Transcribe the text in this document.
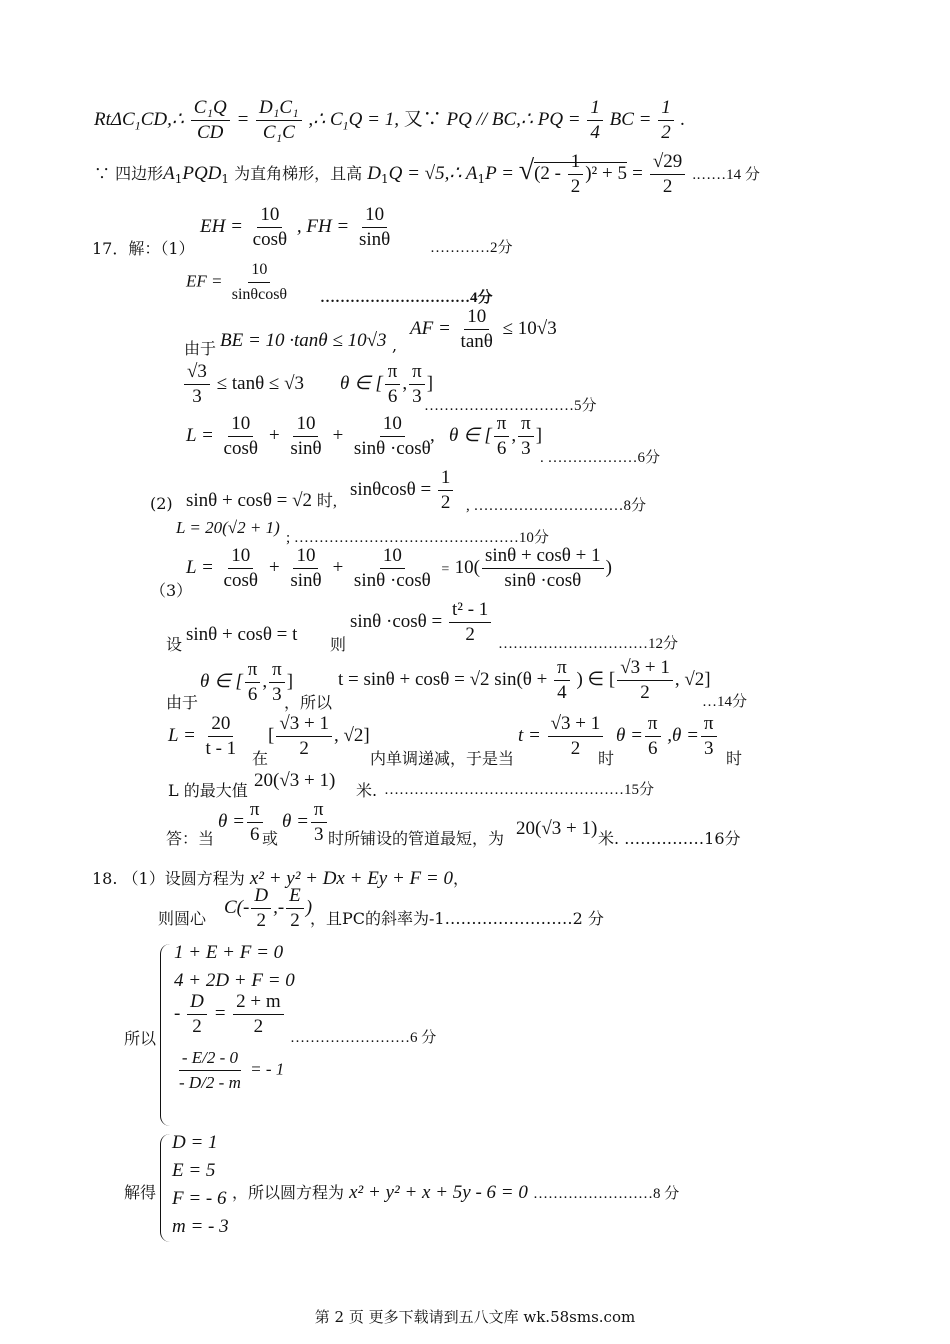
RtΔC$_1$CD,∴ $\frac{\text{C₁Q}}{CD} = \frac{\text{D₁C₁}}{\text{C₁C}}$ ,∴ $C_1Q = 1$, 又∵ PQ // BC,∴ PQ = $\frac{1}{4}$ BC = $\frac{1}{2}$ .
∵ 四边形$A_1PQD_1$ 为直角梯形，且高 $D_1Q$ = √5,∴ $A_1P = √(2 - \frac{1}{2} )^2 + 5 = \frac{√29}{2}$ .……14 分
17．解：（1）
EH = $\frac{10}{\cos\theta}$ , FH = $\frac{10}{\sin\theta}$ …………2分
EF = $\frac{10}{\sin\theta\cos\theta}$ …………………………4分
由于 BE = 10 ·tanθ ≤ 10√3 ,
AF = $\frac{10}{\tan\theta} \le 10√3$
$\frac{√3}{3} \le \tan\theta \le √3$ θ ∈ [ $\frac{\pi}{6}$ , $\frac{\pi}{3}$ ]
…………………………5分
$L = \frac{10}{\cos\theta} + \frac{10}{\sin\theta} + \frac{10}{\sin\theta \cdot\cos\theta}$
,   θ ∈ [ $\frac{\pi}{6}$ , $\frac{\pi}{3}$ ]
. ………………6分
(2) sinθ + cosθ = √2 时,
$\sin\theta\cos\theta = \frac{1}{2}$ , …………………………8分
L = 20(√2 + 1)
; ………………………………………10分
（3）
$L = \frac{10}{\cos\theta} + \frac{10}{\sin\theta} + \frac{10}{\sin\theta \cdot\cos\theta} = 10( \frac{\sin\theta + \cos\theta + 1}{\sin\theta \cdot\cos\theta}$ )
设 sinθ + cosθ = t 则
$\sin\theta \cdot\cos\theta = \frac{\text{t² - 1}}{2}$ …………………………12分
由于
θ ∈ [ $\frac{\pi}{6}$ , $\frac{\pi}{3}$ ]
，所以
t = sinθ + cosθ = √2 $\sin(\theta + \frac{\pi}{4}$ ) ∈ [ $\frac{√3 + 1}{2}$ , √2]
…14分
$L = \frac{20}{t - 1}$ 在
[ $\frac{√3 + 1}{2}$ , √2]
内单调递减，于是当
$t = \frac{√3 + 1}{2}$
时
$\theta = \frac{\pi}{6} ,\theta = \frac{\pi}{3}$ 时
L 的最大值 20(√3 + 1) 米. …………………………………………15分
答：当
$\theta = \frac{\pi}{6}$ 或
$\theta = \frac{\pi}{3}$ 时所铺设的管道最短，为 20(√3 + 1) 米. ……………16分
18. （1）设圆方程为 x² + y² + Dx + Ey + F = 0，
则圆心
$C(- \frac{D}{2}$ ,- $\frac{E}{2}$ )
，且PC的斜率为-1……………………2 分
所以
1 + E + F = 0
4 + 2D + F = 0
- $\frac{D}{2} = \frac{2 + m}{2}$
$\frac{- E/2 - 0}{- D/2 - m}$ = - 1
……………………6 分
解得
D = 1
E = 5
F = - 6
m = - 3
，所以圆方程为 x² + y² + x + 5y - 6 = 0 ……………………8 分
第 2 页 更多下载请到五八文库 wk.58sms.com
